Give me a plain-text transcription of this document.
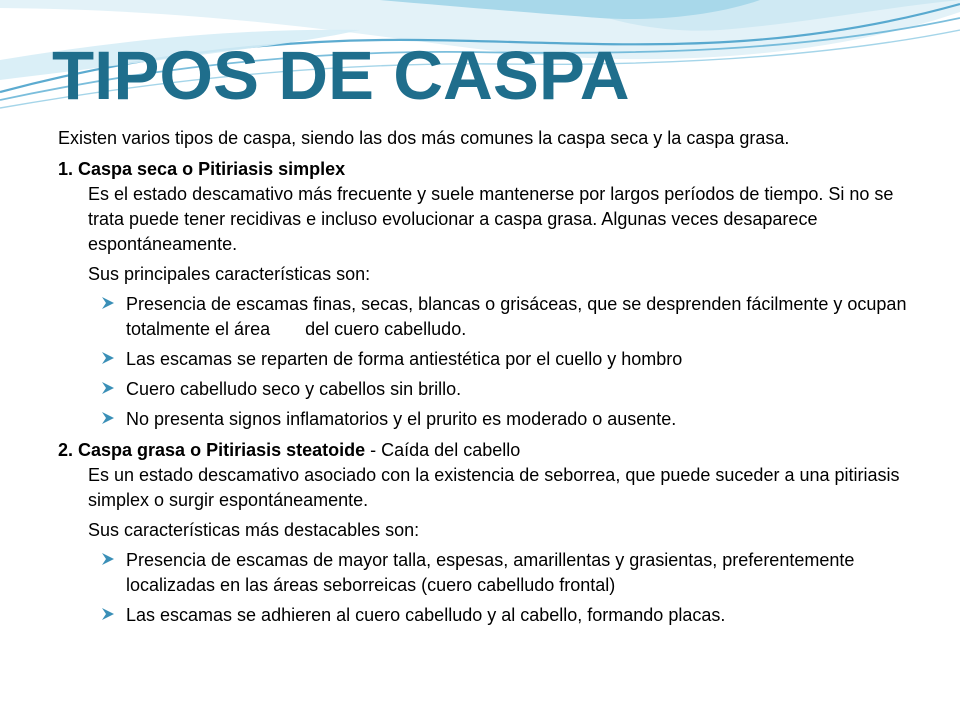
TIPOS DE CASPA

Existen varios tipos de caspa, siendo las dos más comunes la caspa seca y la caspa grasa.

1. Caspa seca o Pitiriasis simplex

Es el estado descamativo más frecuente y suele mantenerse por largos períodos de tiempo. Si no se trata puede tener recidivas e incluso evolucionar a caspa grasa. Algunas veces desaparece espontáneamente.

Sus principales características son:

Presencia de escamas finas, secas, blancas o grisáceas, que se desprenden fácilmente y ocupan totalmente el área       del cuero cabelludo.
Las escamas se reparten de forma antiestética por el cuello y hombro
Cuero cabelludo seco y cabellos sin brillo.
No presenta signos inflamatorios y el prurito es moderado o ausente.

2. Caspa grasa o Pitiriasis steatoide - Caída del cabello

Es un estado descamativo asociado con la existencia de seborrea, que puede suceder a una pitiriasis simplex o surgir espontáneamente.

Sus características más destacables son:

Presencia de escamas de mayor talla, espesas, amarillentas y grasientas, preferentemente localizadas en las áreas seborreicas (cuero cabelludo frontal)
Las escamas se adhieren al cuero cabelludo y al cabello, formando placas.
